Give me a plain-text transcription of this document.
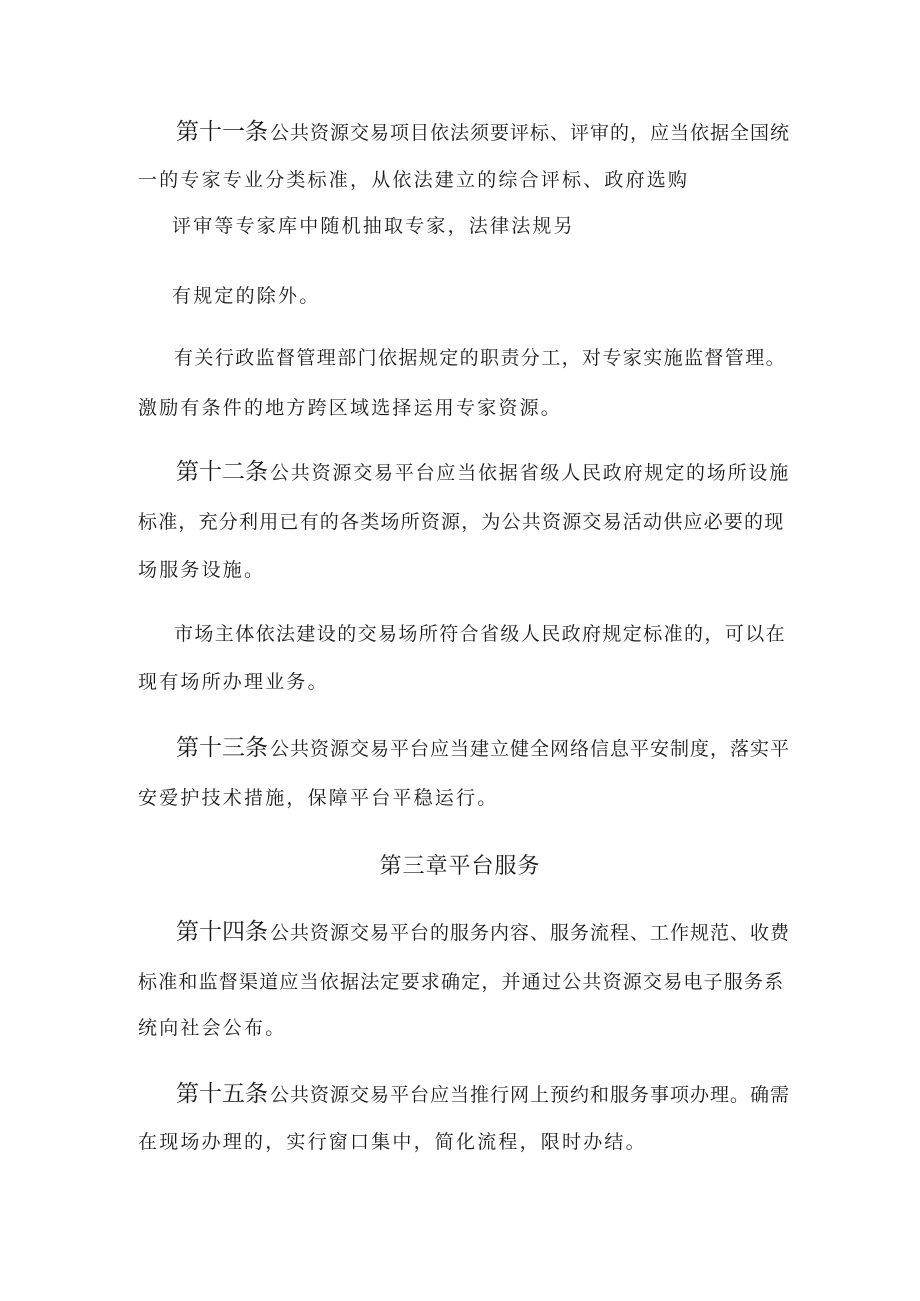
第十一条 公共资源交易项目依法须要评标、评审的，应当依据全国统
一的专家专业分类标准，从依法建立的综合评标、政府选购
评审等专家库中随机抽取专家，法律法规另
有规定的除外。
有关行政监督管理部门依据规定的职责分工，对专家实施监督管理。
激励有条件的地方跨区域选择运用专家资源。
第十二条 公共资源交易平台应当依据省级人民政府规定的场所设施
标准，充分利用已有的各类场所资源，为公共资源交易活动供应必要的现
场服务设施。
市场主体依法建设的交易场所符合省级人民政府规定标准的，可以在
现有场所办理业务。
第十三条 公共资源交易平台应当建立健全网络信息平安制度，落实平
安爱护技术措施，保障平台平稳运行。
第三章平台服务
第十四条 公共资源交易平台的服务内容、服务流程、工作规范、收费
标准和监督渠道应当依据法定要求确定，并通过公共资源交易电子服务系
统向社会公布。
第十五条 公共资源交易平台应当推行网上预约和服务事项办理。确需
在现场办理的，实行窗口集中，简化流程，限时办结。
